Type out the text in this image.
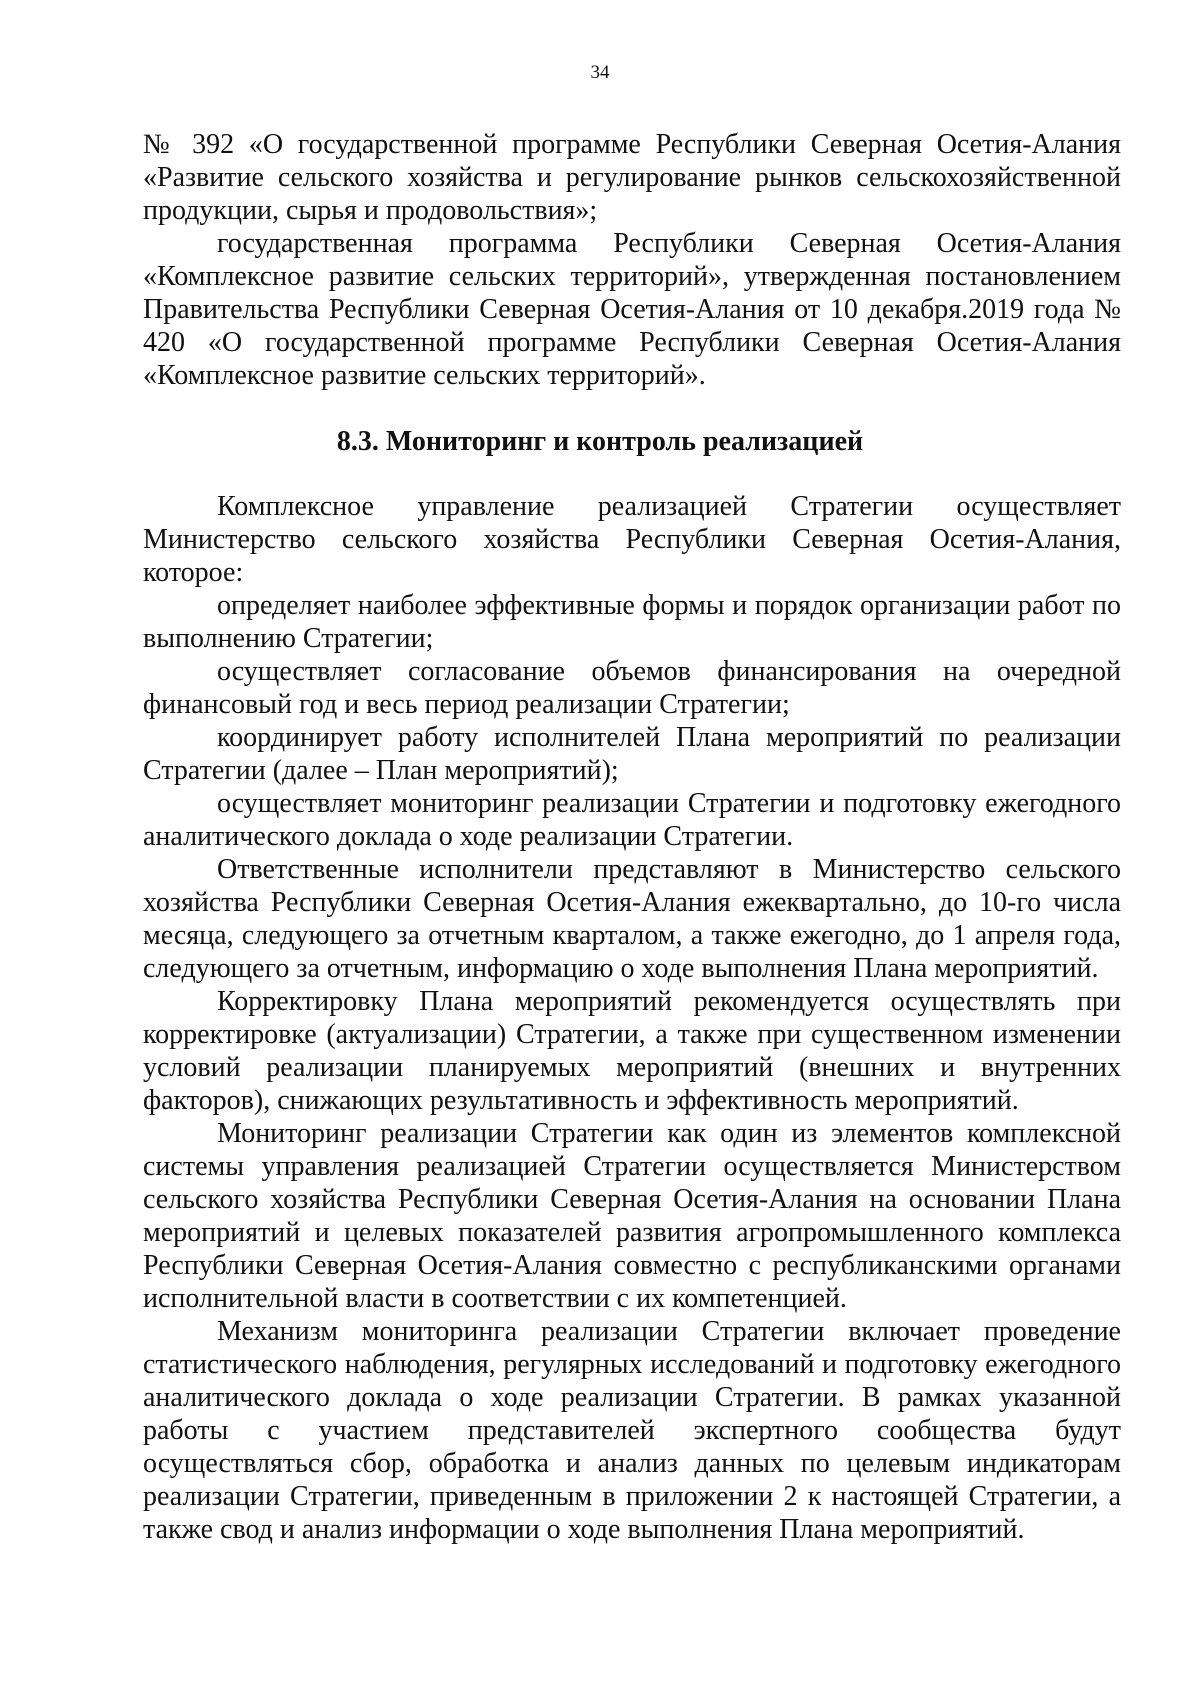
34

№ 392 «О государственной программе Республики Северная Осетия-Алания «Развитие сельского хозяйства и регулирование рынков сельскохозяйственной продукции, сырья и продовольствия»;

государственная программа Республики Северная Осетия-Алания «Комплексное развитие сельских территорий», утвержденная постановлением Правительства Республики Северная Осетия-Алания от 10 декабря.2019 года № 420 «О государственной программе Республики Северная Осетия-Алания «Комплексное развитие сельских территорий».

8.3. Мониторинг и контроль реализацией

Комплексное управление реализацией Стратегии осуществляет Министерство сельского хозяйства Республики Северная Осетия-Алания, которое:

определяет наиболее эффективные формы и порядок организации работ по выполнению Стратегии;

осуществляет согласование объемов финансирования на очередной финансовый год и весь период реализации Стратегии;

координирует работу исполнителей Плана мероприятий по реализации Стратегии (далее – План мероприятий);

осуществляет мониторинг реализации Стратегии и подготовку ежегодного аналитического доклада о ходе реализации Стратегии.

Ответственные исполнители представляют в Министерство сельского хозяйства Республики Северная Осетия-Алания ежеквартально, до 10-го числа месяца, следующего за отчетным кварталом, а также ежегодно, до 1 апреля года, следующего за отчетным, информацию о ходе выполнения Плана мероприятий.

Корректировку Плана мероприятий рекомендуется осуществлять при корректировке (актуализации) Стратегии, а также при существенном изменении условий реализации планируемых мероприятий (внешних и внутренних факторов), снижающих результативность и эффективность мероприятий.

Мониторинг реализации Стратегии как один из элементов комплексной системы управления реализацией Стратегии осуществляется Министерством сельского хозяйства Республики Северная Осетия-Алания на основании Плана мероприятий и целевых показателей развития агропромышленного комплекса Республики Северная Осетия-Алания совместно с республиканскими органами исполнительной власти в соответствии с их компетенцией.

Механизм мониторинга реализации Стратегии включает проведение статистического наблюдения, регулярных исследований и подготовку ежегодного аналитического доклада о ходе реализации Стратегии. В рамках указанной работы с участием представителей экспертного сообщества будут осуществляться сбор, обработка и анализ данных по целевым индикаторам реализации Стратегии, приведенным в приложении 2 к настоящей Стратегии, а также свод и анализ информации о ходе выполнения Плана мероприятий.
